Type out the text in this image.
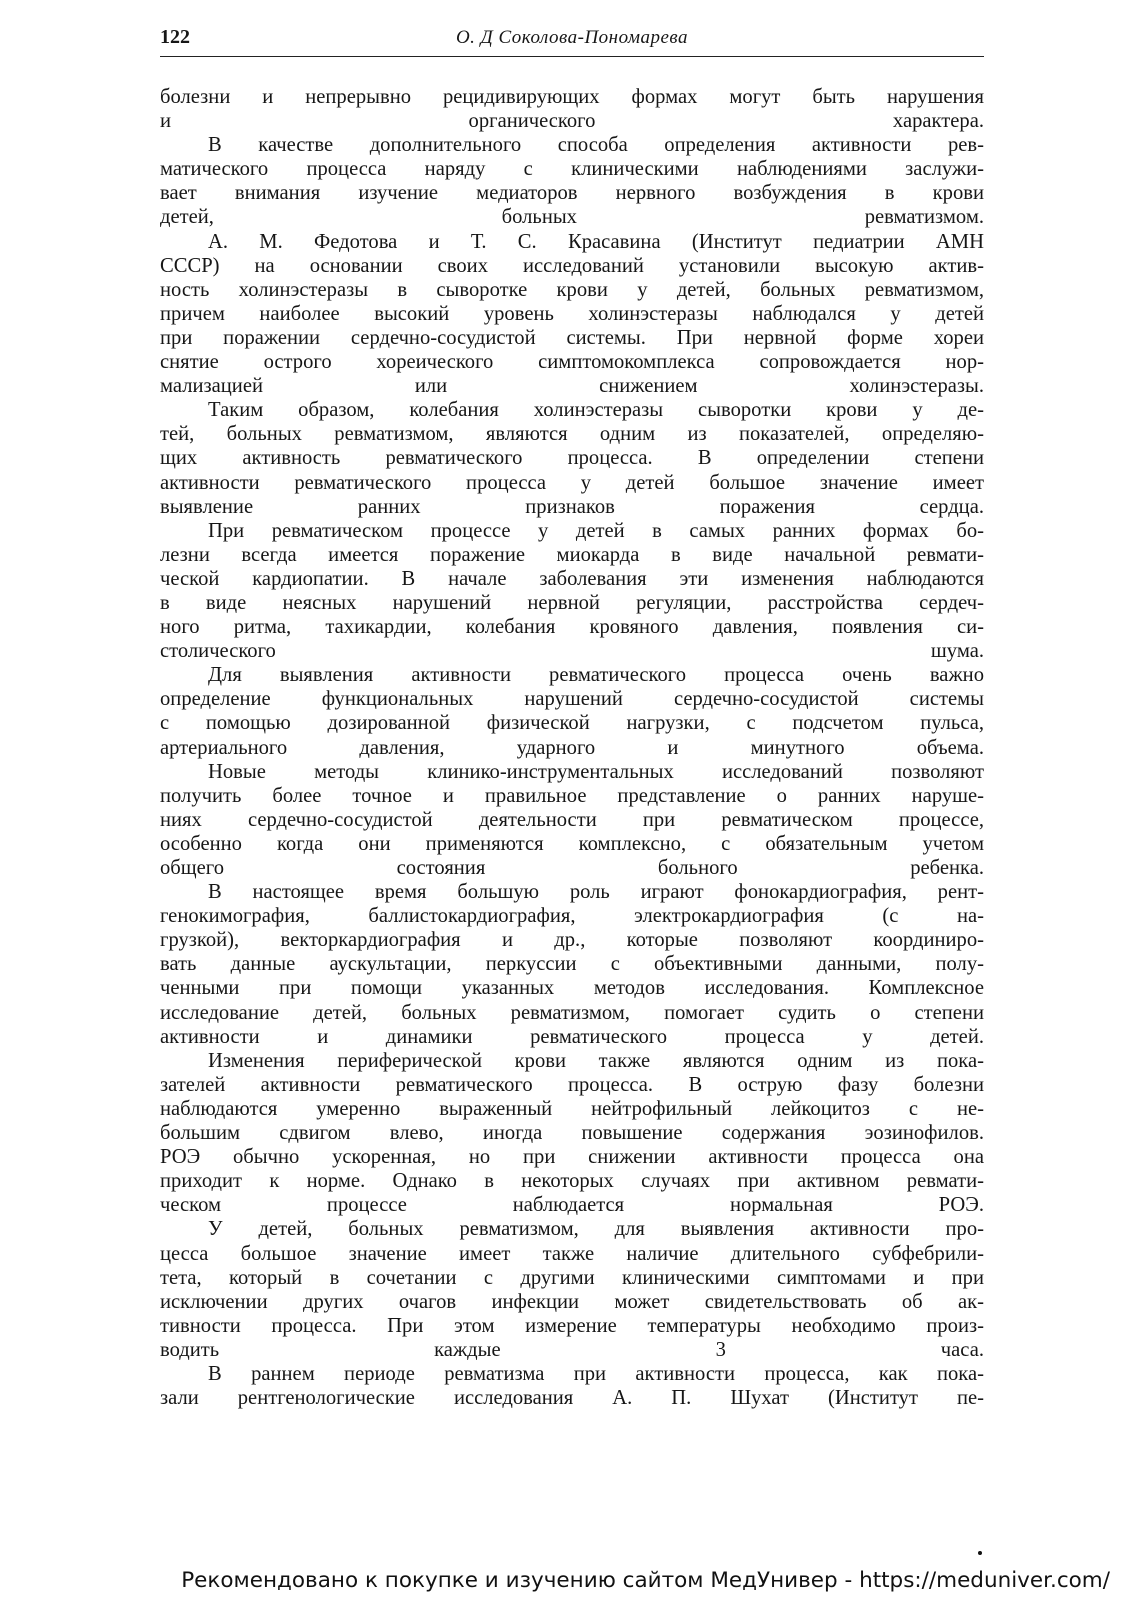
122	О. Д Соколова-Пономарева

болезни и непрерывно рецидивирующих формах могут быть нарушения

и органического характера.

В качестве дополнительного способа определения активности рев-

матического процесса наряду с клиническими наблюдениями заслужи-

вает внимания изучение медиаторов нервного возбуждения в крови

детей, больных ревматизмом.

А. М. Федотова и Т. С. Красавина (Институт педиатрии АМН

СССР) на основании своих исследований установили высокую актив-

ность холинэстеразы в сыворотке крови у детей, больных ревматизмом,

причем наиболее высокий уровень холинэстеразы наблюдался у детей

при поражении сердечно-сосудистой системы. При нервной форме хореи

снятие острого хореического симптомокомплекса сопровождается нор-

мализацией или снижением холинэстеразы.

Таким образом, колебания холинэстеразы сыворотки крови у де-

тей, больных ревматизмом, являются одним из показателей, определяю-

щих активность ревматического процесса. В определении степени

активности ревматического процесса у детей большое значение имеет

выявление ранних признаков поражения сердца.

При ревматическом процессе у детей в самых ранних формах бо-

лезни всегда имеется поражение миокарда в виде начальной ревмати-

ческой кардиопатии. В начале заболевания эти изменения наблюдаются

в виде неясных нарушений нервной регуляции, расстройства сердеч-

ного ритма, тахикардии, колебания кровяного давления, появления си-

столического шума.

Для выявления активности ревматического процесса очень важно

определение функциональных нарушений сердечно-сосудистой системы

с помощью дозированной физической нагрузки, с подсчетом пульса,

артериального давления, ударного и минутного объема.

Новые методы клинико-инструментальных исследований позволяют

получить более точное и правильное представление о ранних наруше-

ниях сердечно-сосудистой деятельности при ревматическом процессе,

особенно когда они применяются комплексно, с обязательным учетом

общего состояния больного ребенка.

В настоящее время большую роль играют фонокардиография, рент-

генокимография, баллистокардиография, электрокардиография (с на-

грузкой), векторкардиография и др., которые позволяют координиро-

вать данные аускультации, перкуссии с объективными данными, полу-

ченными при помощи указанных методов исследования. Комплексное

исследование детей, больных ревматизмом, помогает судить о степени

активности и динамики ревматического процесса у детей.

Изменения периферической крови также являются одним из пока-

зателей активности ревматического процесса. В острую фазу болезни

наблюдаются умеренно выраженный нейтрофильный лейкоцитоз с не-

большим сдвигом влево, иногда повышение содержания эозинофилов.

РОЭ обычно ускоренная, но при снижении активности процесса она

приходит к норме. Однако в некоторых случаях при активном ревмати-

ческом процессе наблюдается нормальная РОЭ.

У детей, больных ревматизмом, для выявления активности про-

цесса большое значение имеет также наличие длительного субфебрили-

тета, который в сочетании с другими клиническими симптомами и при

исключении других очагов инфекции может свидетельствовать об ак-

тивности процесса. При этом измерение температуры необходимо произ-

водить каждые 3 часа.

В раннем периоде ревматизма при активности процесса, как пока-

зали рентгенологические исследования А. П. Шухат (Институт пе-

Рекомендовано к покупке и изучению сайтом МедУнивер - https://meduniver.com/
